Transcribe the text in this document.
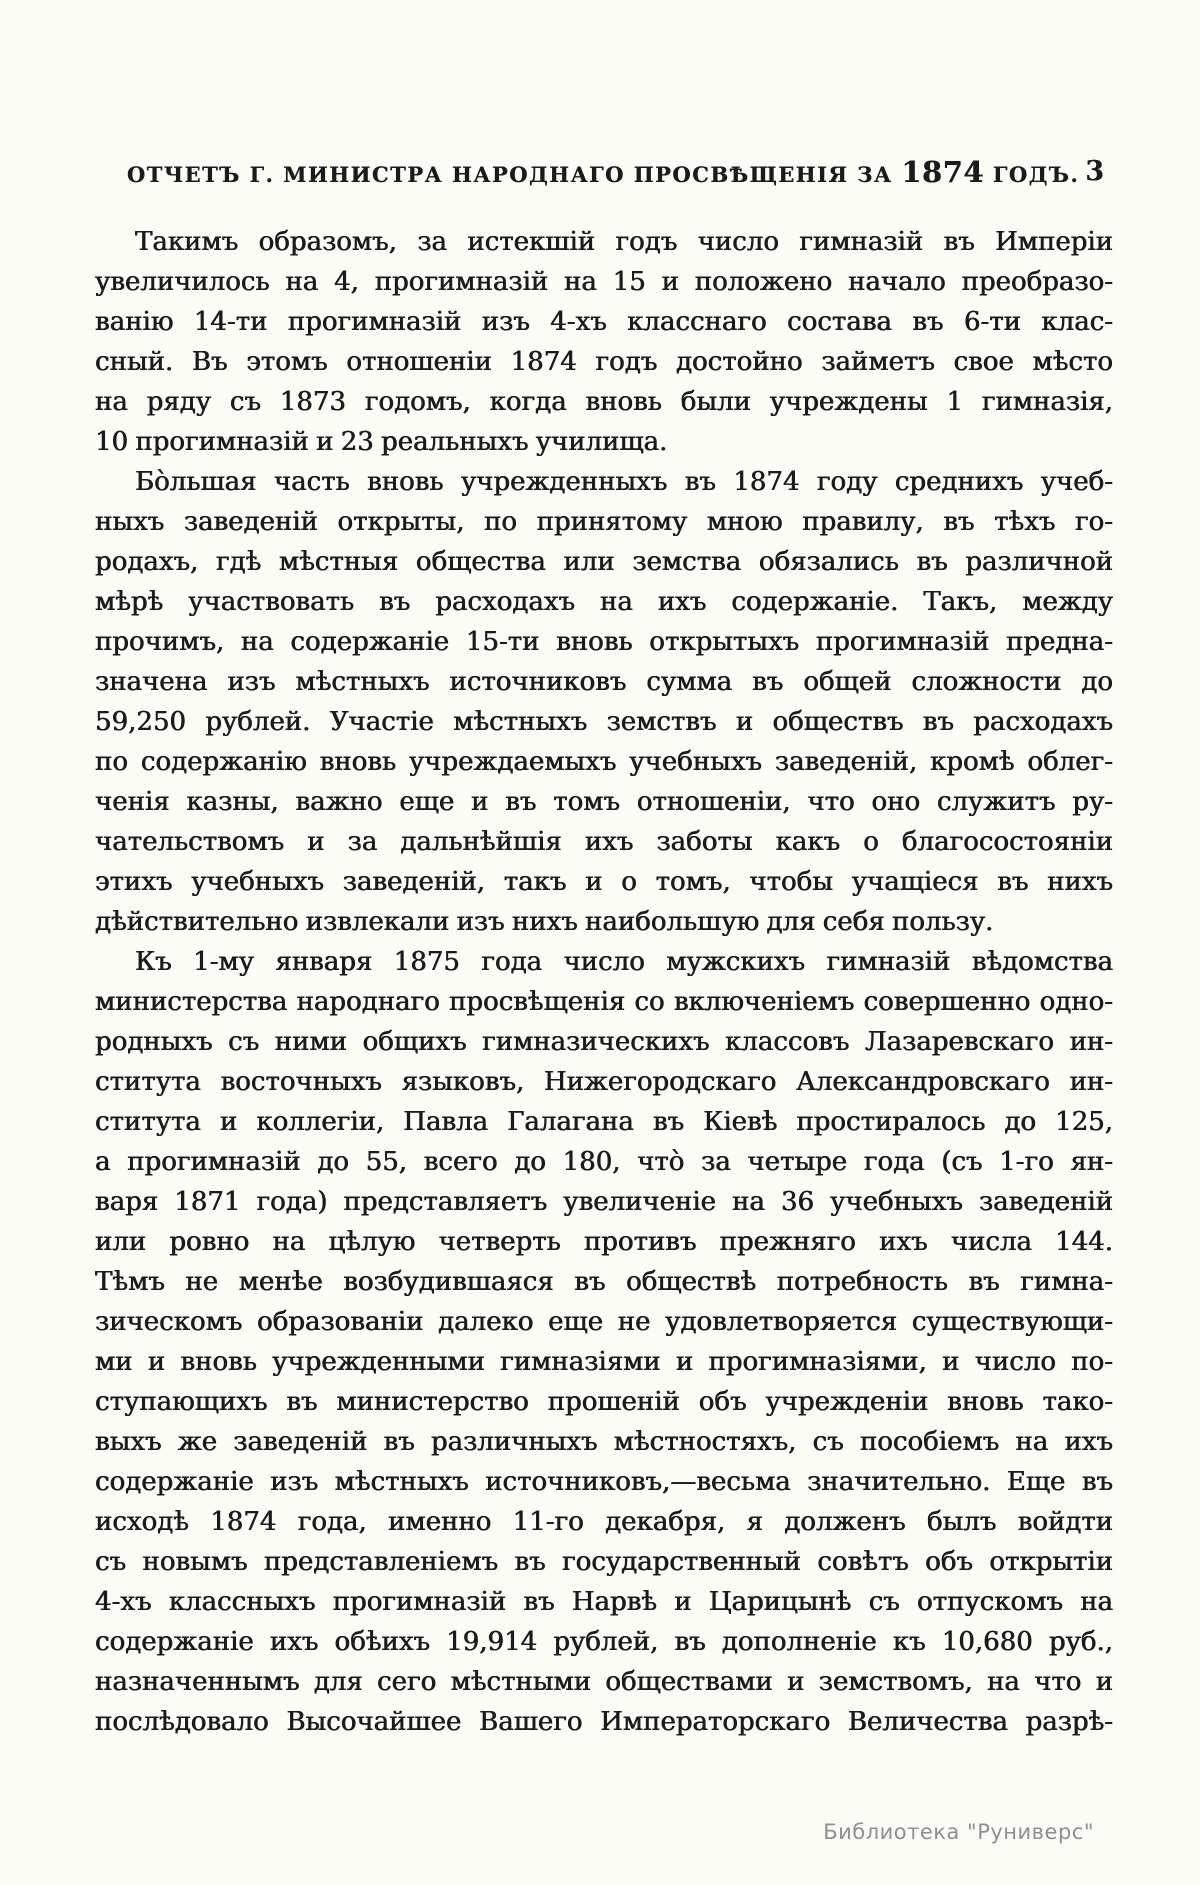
ОТЧЕТЪ Г. МИНИСТРА НАРОДНАГО ПРОСВѢЩЕНІЯ ЗА 1874 ГОДЪ. 3
Такимъ образомъ, за истекшій годъ число гимназій въ Имперіи
увеличилось на 4, прогимназій на 15 и положено начало преобразо-
ванію 14-ти прогимназій изъ 4-хъ класснаго состава въ 6-ти клас-
сный. Въ этомъ отношеніи 1874 годъ достойно займетъ свое мѣсто
на ряду съ 1873 годомъ, когда вновь были учреждены 1 гимназія,
10 прогимназій и 23 реальныхъ училища.
Бо̀льшая часть вновь учрежденныхъ въ 1874 году среднихъ учеб-
ныхъ заведеній открыты, по принятому мною правилу, въ тѣхъ го-
родахъ, гдѣ мѣстныя общества или земства обязались въ различной
мѣрѣ участвовать въ расходахъ на ихъ содержаніе. Такъ, между
прочимъ, на содержаніе 15-ти вновь открытыхъ прогимназій предна-
значена изъ мѣстныхъ источниковъ сумма въ общей сложности до
59,250 рублей. Участіе мѣстныхъ земствъ и обществъ въ расходахъ
по содержанію вновь учреждаемыхъ учебныхъ заведеній, кромѣ облег-
ченія казны, важно еще и въ томъ отношеніи, что оно служитъ ру-
чательствомъ и за дальнѣйшія ихъ заботы какъ о благосостояніи
этихъ учебныхъ заведеній, такъ и о томъ, чтобы учащіеся въ нихъ
дѣйствительно извлекали изъ нихъ наибольшую для себя пользу.
Къ 1-му января 1875 года число мужскихъ гимназій вѣдомства
министерства народнаго просвѣщенія со включеніемъ совершенно одно-
родныхъ съ ними общихъ гимназическихъ классовъ Лазаревскаго ин-
ститута восточныхъ языковъ, Нижегородскаго Александровскаго ин-
ститута и коллегіи, Павла Галагана въ Кіевѣ простиралось до 125,
а прогимназій до 55, всего до 180, что̀ за четыре года (съ 1-го ян-
варя 1871 года) представляетъ увеличеніе на 36 учебныхъ заведеній
или ровно на цѣлую четверть противъ прежняго ихъ числа 144.
Тѣмъ не менѣе возбудившаяся въ обществѣ потребность въ гимна-
зическомъ образованіи далеко еще не удовлетворяется существующи-
ми и вновь учрежденными гимназіями и прогимназіями, и число по-
ступающихъ въ министерство прошеній объ учрежденіи вновь тако-
выхъ же заведеній въ различныхъ мѣстностяхъ, съ пособіемъ на ихъ
содержаніе изъ мѣстныхъ источниковъ,—весьма значительно. Еще въ
исходѣ 1874 года, именно 11-го декабря, я долженъ былъ войдти
съ новымъ представленіемъ въ государственный совѣтъ объ открытіи
4-хъ классныхъ прогимназій въ Нарвѣ и Царицынѣ съ отпускомъ на
содержаніе ихъ обѣихъ 19,914 рублей, въ дополненіе къ 10,680 руб.,
назначеннымъ для сего мѣстными обществами и земствомъ, на что и
послѣдовало Высочайшее Вашего Императорскаго Величества разрѣ-
Библиотека "Руниверс"
